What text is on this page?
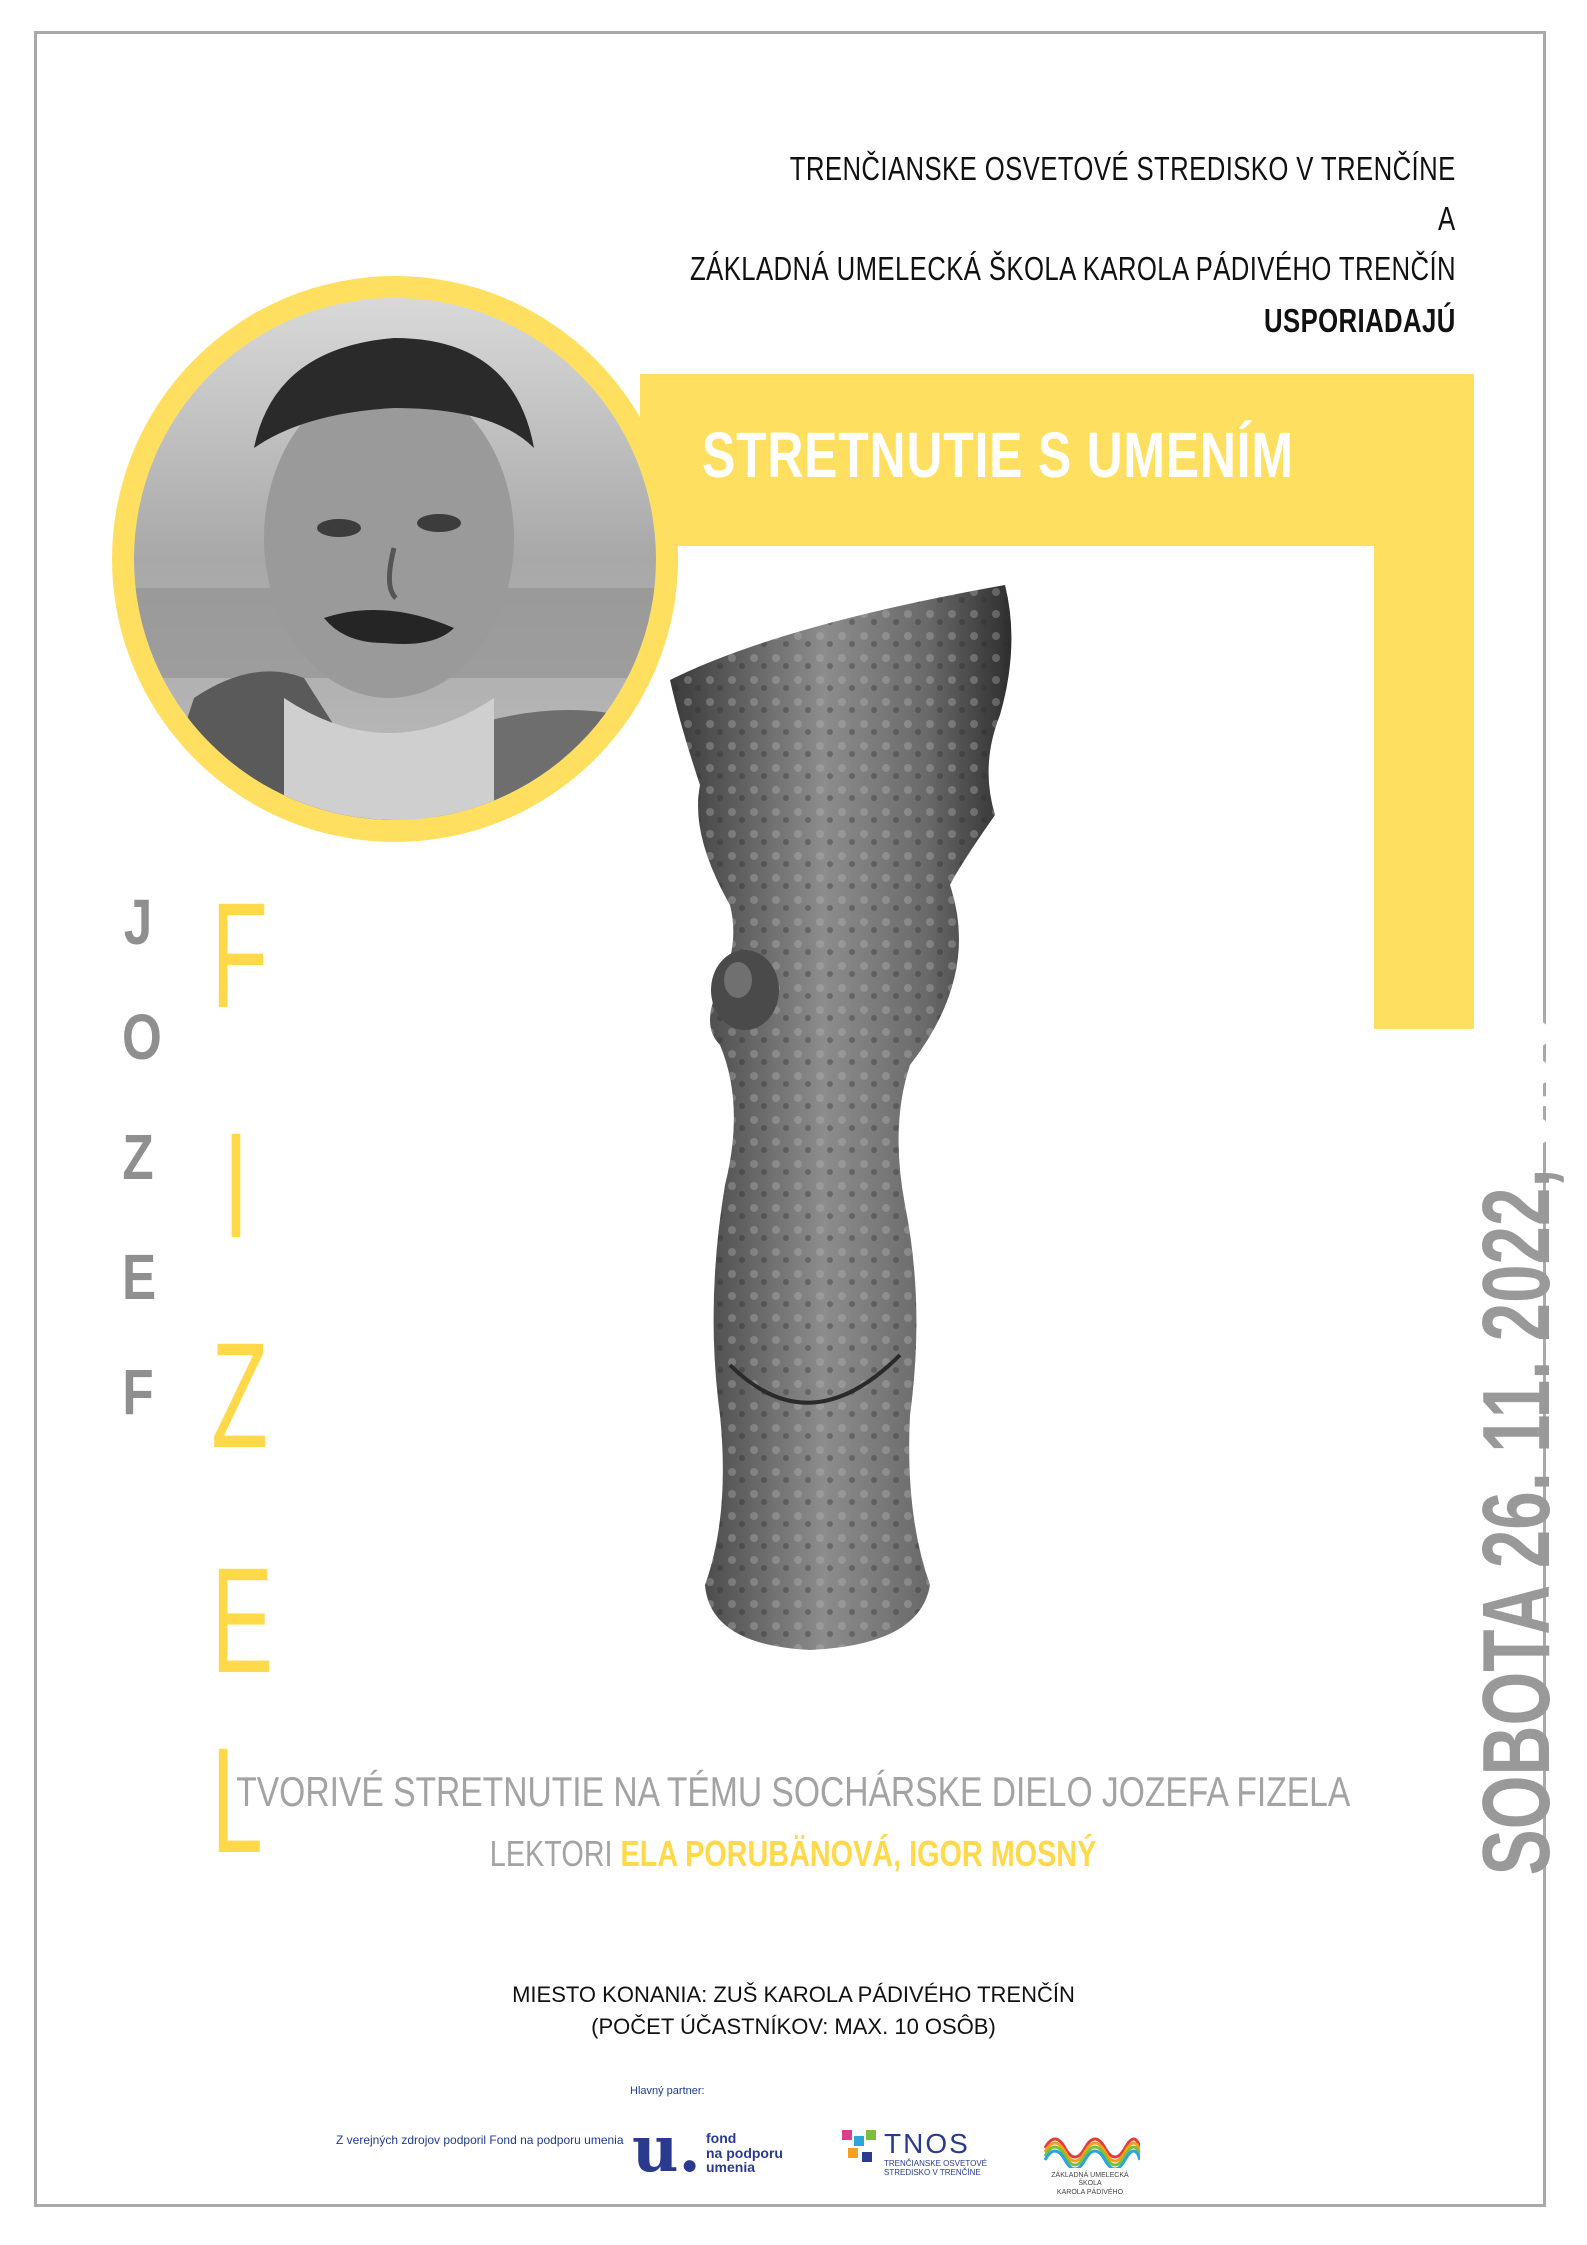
TRENČIANSKE OSVETOVÉ STREDISKO V TRENČÍNE
A
ZÁKLADNÁ UMELECKÁ ŠKOLA KAROLA PÁDIVÉHO TRENČÍN
USPORIADAJÚ
STRETNUTIE S UMENÍM
J
O
Z
E
F
F
I
Z
E
L	SOBOTA 26. 11. 2022, 9.00
TVORIVÉ STRETNUTIE NA TÉMU SOCHÁRSKE DIELO JOZEFA FIZELA
LEKTORI ELA PORUBÄNOVÁ, IGOR MOSNÝ
MIESTO KONANIA: ZUŠ KAROLA PÁDIVÉHO TRENČÍN
(POČET ÚČASTNÍKOV: MAX. 10 OSÔB)
Hlavný partner:
Z verejných zdrojov podporil Fond na podporu umenia u. fond
na podporu
umenia
TNOS
TRENČIANSKE OSVETOVÉ
STREDISKO V TRENČÍNE	ZÁKLADNÁ UMELECKÁ ŠKOLA
KAROLA PÁDIVÉHO
